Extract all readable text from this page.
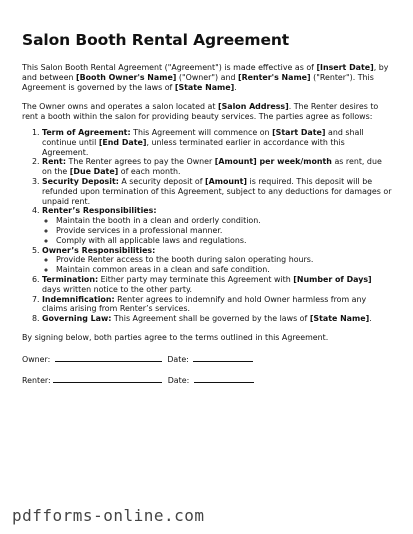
Salon Booth Rental Agreement

This Salon Booth Rental Agreement ("Agreement") is made effective as of [Insert Date], by and between [Booth Owner's Name] ("Owner") and [Renter's Name] ("Renter"). This Agreement is governed by the laws of [State Name].

The Owner owns and operates a salon located at [Salon Address]. The Renter desires to rent a booth within the salon for providing beauty services. The parties agree as follows:

1. Term of Agreement: This Agreement will commence on [Start Date] and shall continue until [End Date], unless terminated earlier in accordance with this Agreement.
2. Rent: The Renter agrees to pay the Owner [Amount] per week/month as rent, due on the [Due Date] of each month.
3. Security Deposit: A security deposit of [Amount] is required. This deposit will be refunded upon termination of this Agreement, subject to any deductions for damages or unpaid rent.
4. Renter’s Responsibilities:
◦ Maintain the booth in a clean and orderly condition.
◦ Provide services in a professional manner.
◦ Comply with all applicable laws and regulations.
5. Owner’s Responsibilities:
◦ Provide Renter access to the booth during salon operating hours.
◦ Maintain common areas in a clean and safe condition.
6. Termination: Either party may terminate this Agreement with [Number of Days] days written notice to the other party.
7. Indemnification: Renter agrees to indemnify and hold Owner harmless from any claims arising from Renter’s services.
8. Governing Law: This Agreement shall be governed by the laws of [State Name].

By signing below, both parties agree to the terms outlined in this Agreement.

Owner:	Date:
Renter:	Date:
pdfforms-online.com
